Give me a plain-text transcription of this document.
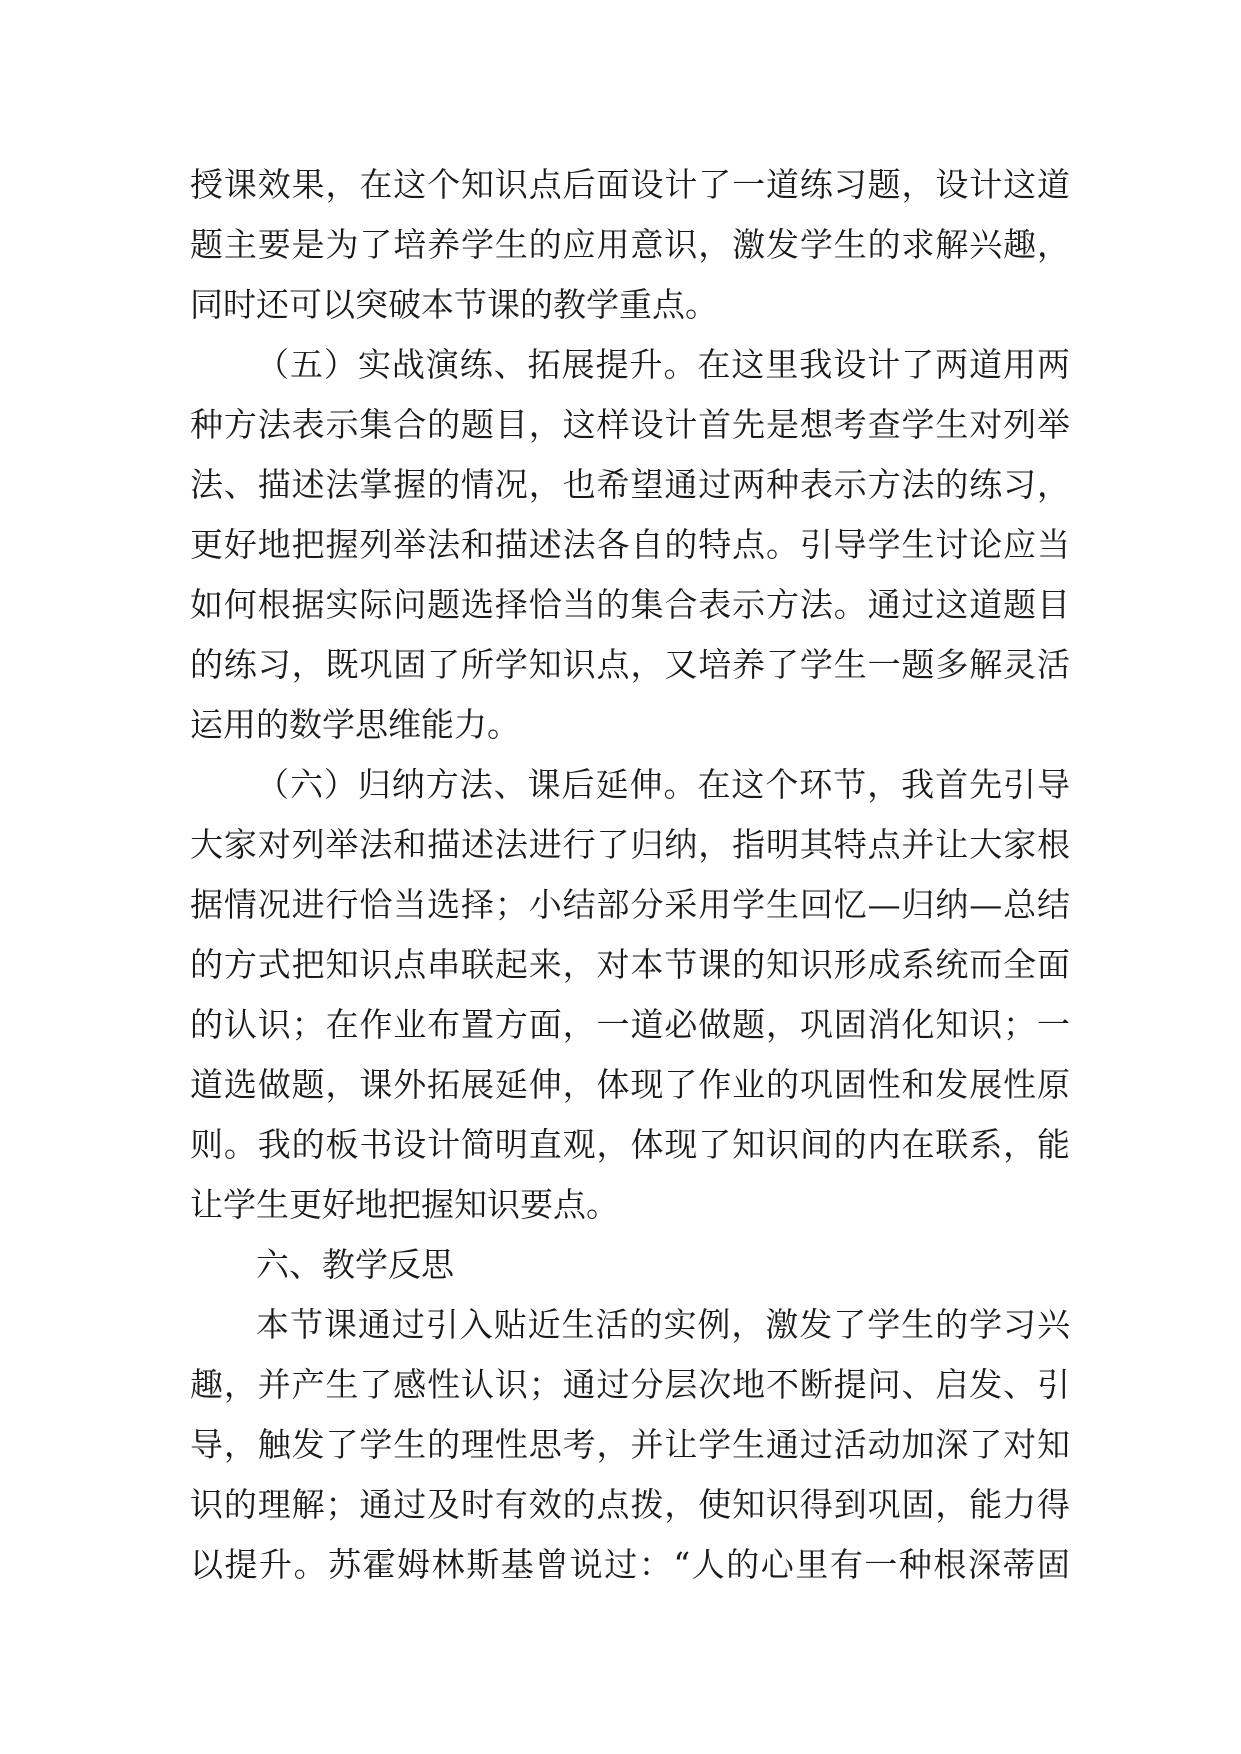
授课效果，在这个知识点后面设计了一道练习题，设计这道
题主要是为了培养学生的应用意识，激发学生的求解兴趣，
同时还可以突破本节课的教学重点。
（五）实战演练、拓展提升。在这里我设计了两道用两
种方法表示集合的题目，这样设计首先是想考查学生对列举
法、描述法掌握的情况，也希望通过两种表示方法的练习，
更好地把握列举法和描述法各自的特点。引导学生讨论应当
如何根据实际问题选择恰当的集合表示方法。通过这道题目
的练习，既巩固了所学知识点，又培养了学生一题多解灵活
运用的数学思维能力。
（六）归纳方法、课后延伸。在这个环节，我首先引导
大家对列举法和描述法进行了归纳，指明其特点并让大家根
据情况进行恰当选择；小结部分采用学生回忆—归纳—总结
的方式把知识点串联起来，对本节课的知识形成系统而全面
的认识；在作业布置方面，一道必做题，巩固消化知识；一
道选做题，课外拓展延伸，体现了作业的巩固性和发展性原
则。我的板书设计简明直观，体现了知识间的内在联系，能
让学生更好地把握知识要点。
六、教学反思
本节课通过引入贴近生活的实例，激发了学生的学习兴
趣，并产生了感性认识；通过分层次地不断提问、启发、引
导，触发了学生的理性思考，并让学生通过活动加深了对知
识的理解；通过及时有效的点拨，使知识得到巩固，能力得
以提升。苏霍姆林斯基曾说过：“人的心里有一种根深蒂固
